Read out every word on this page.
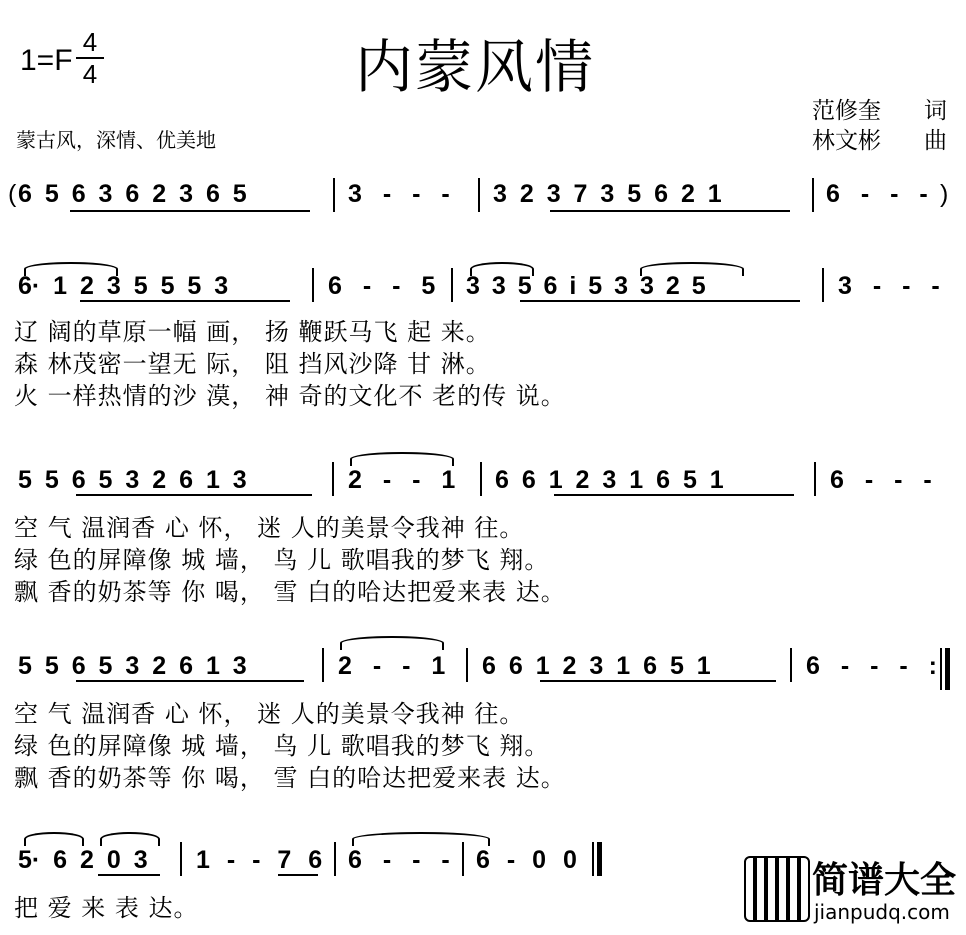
1=F
4
4	内蒙风情
蒙古风，深情、优美地
范修奎 词
林文彬 曲
( 6 5 6 3 6 2 3 6 5	3 - - - 3 2 3 7 3 5 6 2 1	6 - - - )
6· 1 2 3 5 5 5 3	6 - - 5 3 3 5 6 i 5 3 3 2 5	3 - - -
辽 阔的草原一幅 画， 扬 鞭跃马飞 起 来。
森 林茂密一望无 际， 阻 挡风沙降 甘 淋。
火 一样热情的沙 漠， 神 奇的文化不 老的传 说。
5 5 6 5 3 2 6 1 3	2 - - 1 6 6 1 2 3 1 6 5 1	6 - - -
空 气 温润香 心 怀， 迷 人的美景令我神 往。
绿 色的屏障像 城 墙， 鸟 儿 歌唱我的梦飞 翔。
飘 香的奶茶等 你 喝， 雪 白的哈达把爱来表 达。
5 5 6 5 3 2 6 1 3	2 - - 1 6 6 1 2 3 1 6 5 1	6 - - - :
空 气 温润香 心 怀， 迷 人的美景令我神 往。
绿 色的屏障像 城 墙， 鸟 儿 歌唱我的梦飞 翔。
飘 香的奶茶等 你 喝， 雪 白的哈达把爱来表 达。
5· 6 2 0 3 1 - - 7 6 6 - - - 6 - 0 0
把 爱 来 表 达。
简谱大全
jianpudq.com
